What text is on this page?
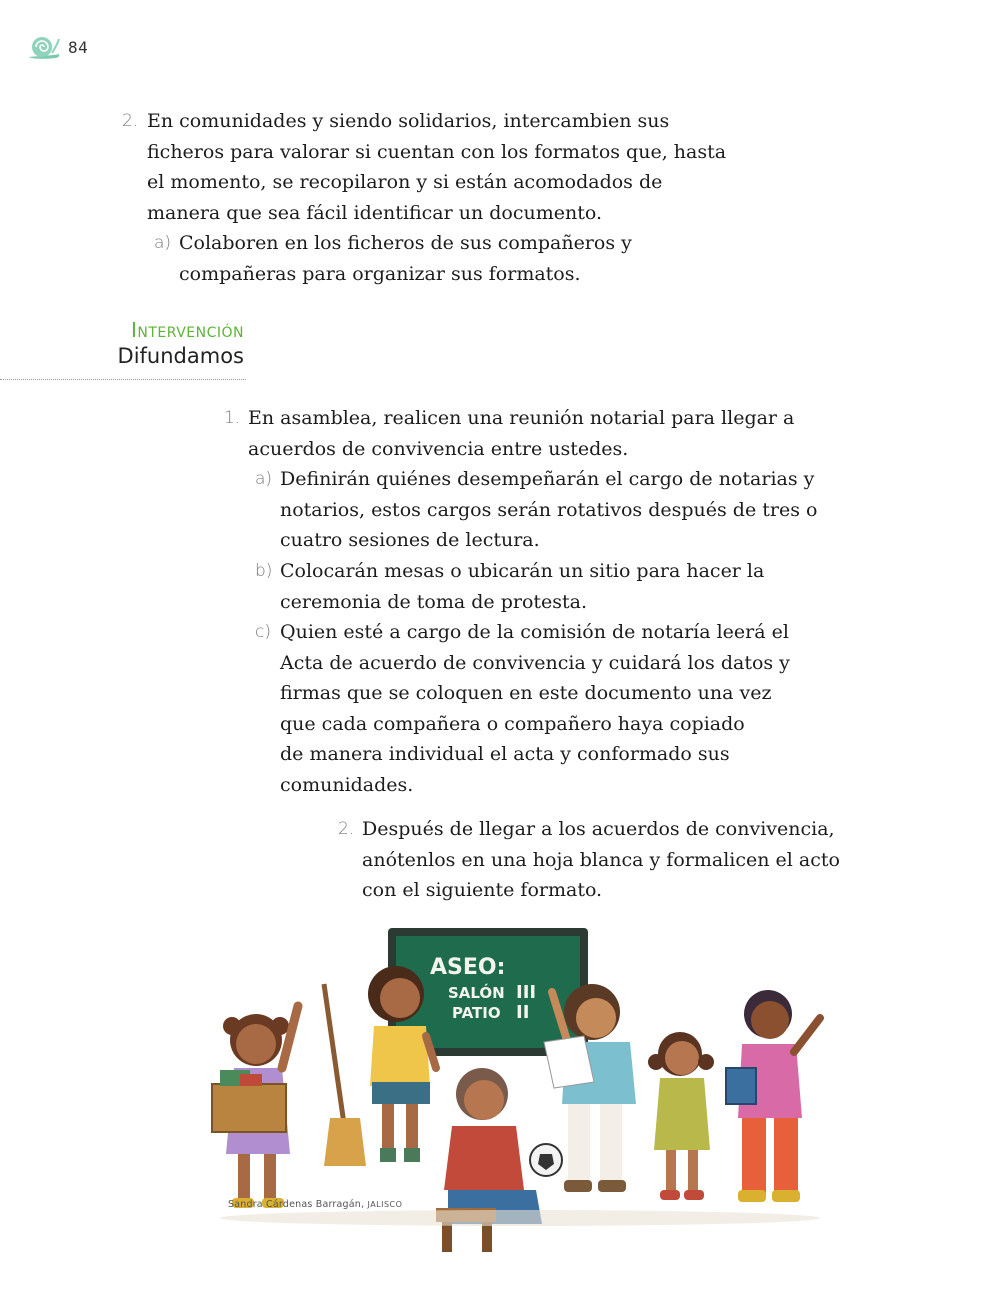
84
2. En comunidades y siendo solidarios, intercambien sus
ficheros para valorar si cuentan con los formatos que, hasta
el momento, se recopilaron y si están acomodados de
manera que sea fácil identificar un documento.
a) Colaboren en los ficheros de sus compañeros y
compañeras para organizar sus formatos.
Intervención
Difundamos
1. En asamblea, realicen una reunión notarial para llegar a
acuerdos de convivencia entre ustedes.
a) Definirán quiénes desempeñarán el cargo de notarias y
notarios, estos cargos serán rotativos después de tres o
cuatro sesiones de lectura.
b) Colocarán mesas o ubicarán un sitio para hacer la
ceremonia de toma de protesta.
c) Quien esté a cargo de la comisión de notaría leerá el
Acta de acuerdo de convivencia y cuidará los datos y
firmas que se coloquen en este documento una vez
que cada compañera o compañero haya copiado
de manera individual el acta y conformado sus
comunidades.
2. Después de llegar a los acuerdos de convivencia,
anótenlos en una hoja blanca y formalicen el acto
con el siguiente formato.
ASEO:
SALÓN III
PATIO II
Sandra Cárdenas Barragán, JALISCO
